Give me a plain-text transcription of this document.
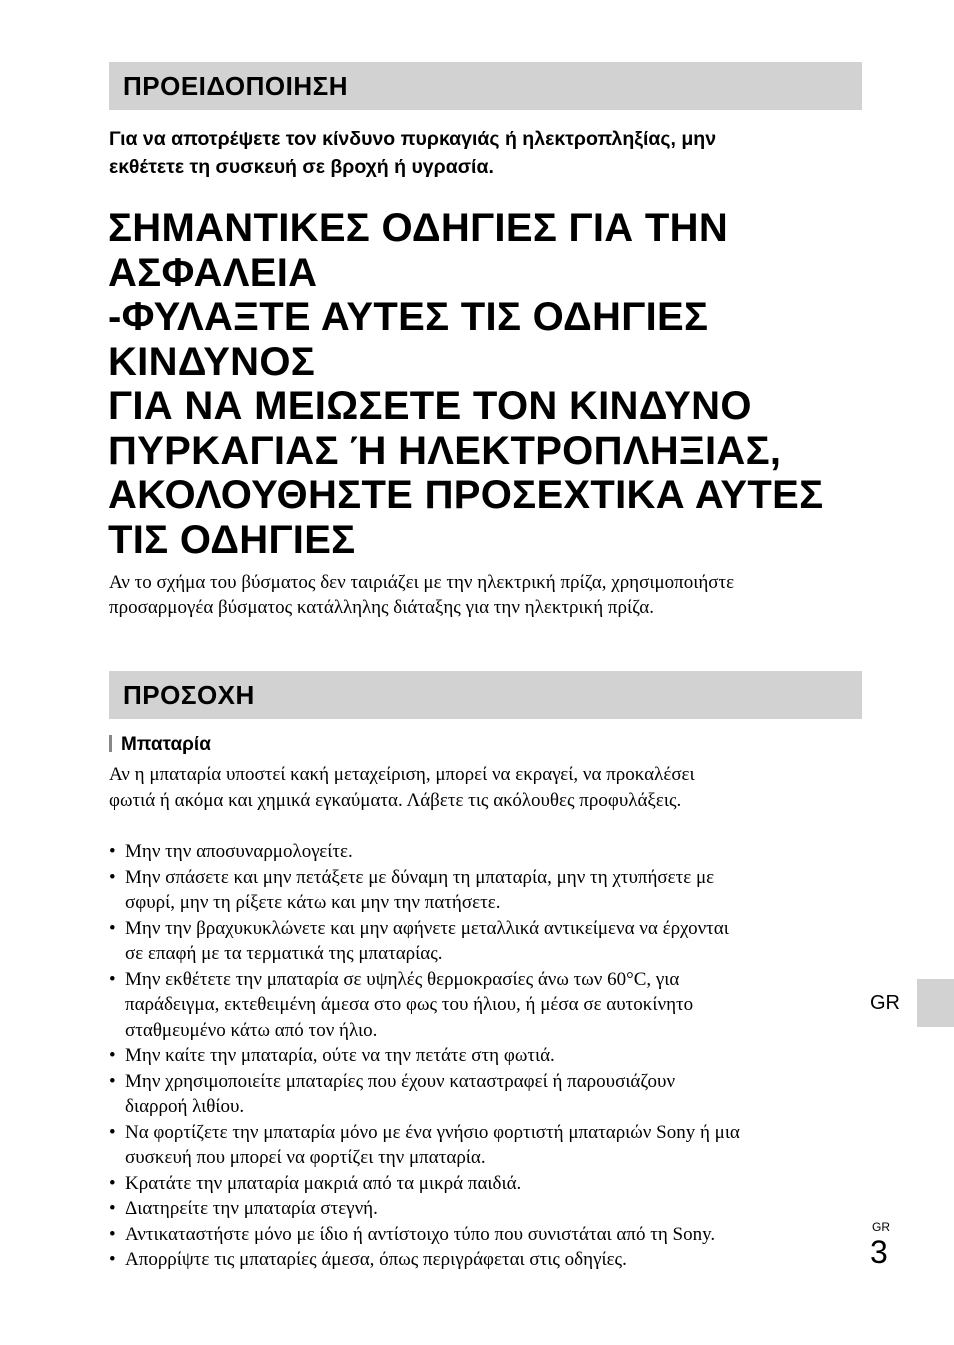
ΠΡΟΕΙΔΟΠΟΙΗΣΗ
Για να αποτρέψετε τον κίνδυνο πυρκαγιάς ή ηλεκτροπληξίας, μην
εκθέτετε τη συσκευή σε βροχή ή υγρασία.
ΣΗΜΑΝΤΙΚΕΣ ΟΔΗΓΙΕΣ ΓΙΑ ΤΗΝ
ΑΣΦΑΛΕΙΑ
-ΦΥΛΑΞΤΕ ΑΥΤΕΣ ΤΙΣ ΟΔΗΓΙΕΣ
ΚΙΝΔΥΝΟΣ
ΓΙΑ ΝΑ ΜΕΙΩΣΕΤΕ ΤΟΝ ΚΙΝΔΥΝΟ
ΠΥΡΚΑΓΙΑΣ Ή ΗΛΕΚΤΡΟΠΛΗΞΙΑΣ,
ΑΚΟΛΟΥΘΗΣΤΕ ΠΡΟΣΕΧΤΙΚΑ ΑΥΤΕΣ
ΤΙΣ ΟΔΗΓΙΕΣ
Αν το σχήμα του βύσματος δεν ταιριάζει με την ηλεκτρική πρίζα, χρησιμοποιήστε
προσαρμογέα βύσματος κατάλληλης διάταξης για την ηλεκτρική πρίζα.
ΠΡΟΣΟΧΗ
Μπαταρία
Αν η μπαταρία υποστεί κακή μεταχείριση, μπορεί να εκραγεί, να προκαλέσει
φωτιά ή ακόμα και χημικά εγκαύματα. Λάβετε τις ακόλουθες προφυλάξεις.
• Μην την αποσυναρμολογείτε.
• Μην σπάσετε και μην πετάξετε με δύναμη τη μπαταρία, μην τη χτυπήσετε με
σφυρί, μην τη ρίξετε κάτω και μην την πατήσετε.
• Μην την βραχυκυκλώνετε και μην αφήνετε μεταλλικά αντικείμενα να έρχονται
σε επαφή με τα τερματικά της μπαταρίας.
• Μην εκθέτετε την μπαταρία σε υψηλές θερμοκρασίες άνω των 60°C, για
παράδειγμα, εκτεθειμένη άμεσα στο φως του ήλιου, ή μέσα σε αυτοκίνητο
σταθμευμένο κάτω από τον ήλιο.
• Μην καίτε την μπαταρία, ούτε να την πετάτε στη φωτιά.
• Μην χρησιμοποιείτε μπαταρίες που έχουν καταστραφεί ή παρουσιάζουν
διαρροή λιθίου.
• Να φορτίζετε την μπαταρία μόνο με ένα γνήσιο φορτιστή μπαταριών Sony ή μια
συσκευή που μπορεί να φορτίζει την μπαταρία.
• Κρατάτε την μπαταρία μακριά από τα μικρά παιδιά.
• Διατηρείτε την μπαταρία στεγνή.
• Αντικαταστήστε μόνο με ίδιο ή αντίστοιχο τύπο που συνιστάται από τη Sony.
• Απορρίψτε τις μπαταρίες άμεσα, όπως περιγράφεται στις οδηγίες.
GR
GR
3
